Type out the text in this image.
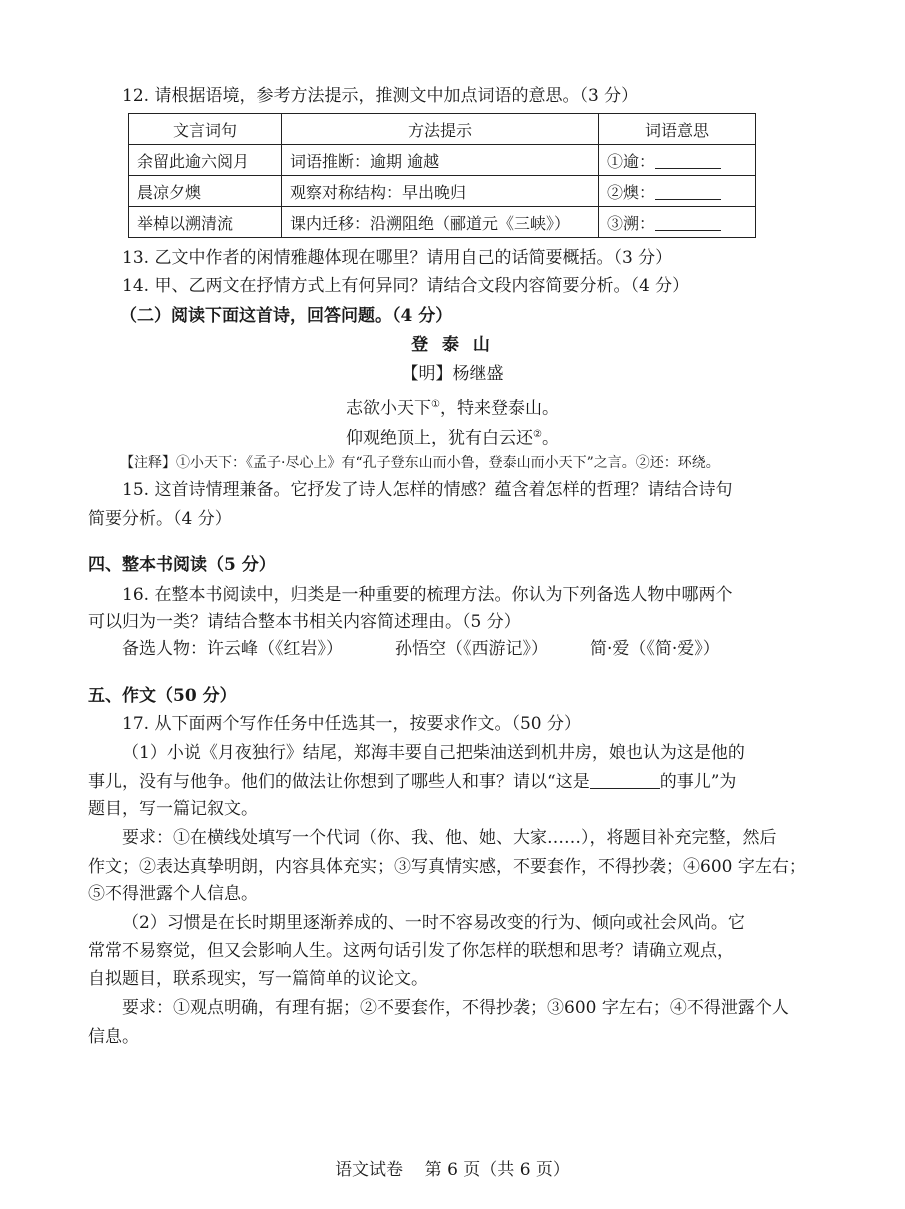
12. 请根据语境，参考方法提示，推测文中加点词语的意思。（3 分）
文言词句	方法提示	词语意思
余留此逾六阅月	词语推断：逾期 逾越	①逾：
晨凉夕燠	观察对称结构：早出晚归	②燠：
举棹以溯清流	课内迁移：沿溯阻绝（郦道元《三峡》）	③溯：
13. 乙文中作者的闲情雅趣体现在哪里？请用自己的话简要概括。（3 分）
14. 甲、乙两文在抒情方式上有何异同？请结合文段内容简要分析。（4 分）
（二）阅读下面这首诗，回答问题。（4 分）
登 泰 山
【明】杨继盛
志欲小天下①，特来登泰山。
仰观绝顶上，犹有白云还②。
【注释】①小天下：《孟子·尽心上》有“孔子登东山而小鲁，登泰山而小天下”之言。②还：环绕。
15. 这首诗情理兼备。它抒发了诗人怎样的情感？蕴含着怎样的哲理？请结合诗句
简要分析。（4 分）
四、整本书阅读（5 分）
16. 在整本书阅读中，归类是一种重要的梳理方法。你认为下列备选人物中哪两个
可以归为一类？请结合整本书相关内容简述理由。（5 分）
备选人物：许云峰（《红岩》）	孙悟空（《西游记》） 简·爱（《简·爱》）
五、作文（50 分）
17. 从下面两个写作任务中任选其一，按要求作文。（50 分）
（1）小说《月夜独行》结尾，郑海丰要自己把柴油送到机井房，娘也认为这是他的
事儿，没有与他争。他们的做法让你想到了哪些人和事？请以“这是	的事儿”为
题目，写一篇记叙文。
要求：①在横线处填写一个代词（你、我、他、她、大家……），将题目补充完整，然后
作文；②表达真挚明朗，内容具体充实；③写真情实感，不要套作，不得抄袭；④600 字左右；
⑤不得泄露个人信息。
（2）习惯是在长时期里逐渐养成的、一时不容易改变的行为、倾向或社会风尚。它
常常不易察觉，但又会影响人生。这两句话引发了你怎样的联想和思考？请确立观点，
自拟题目，联系现实，写一篇简单的议论文。
要求：①观点明确，有理有据；②不要套作，不得抄袭；③600 字左右；④不得泄露个人
信息。
语文试卷    第 6 页（共 6 页）
